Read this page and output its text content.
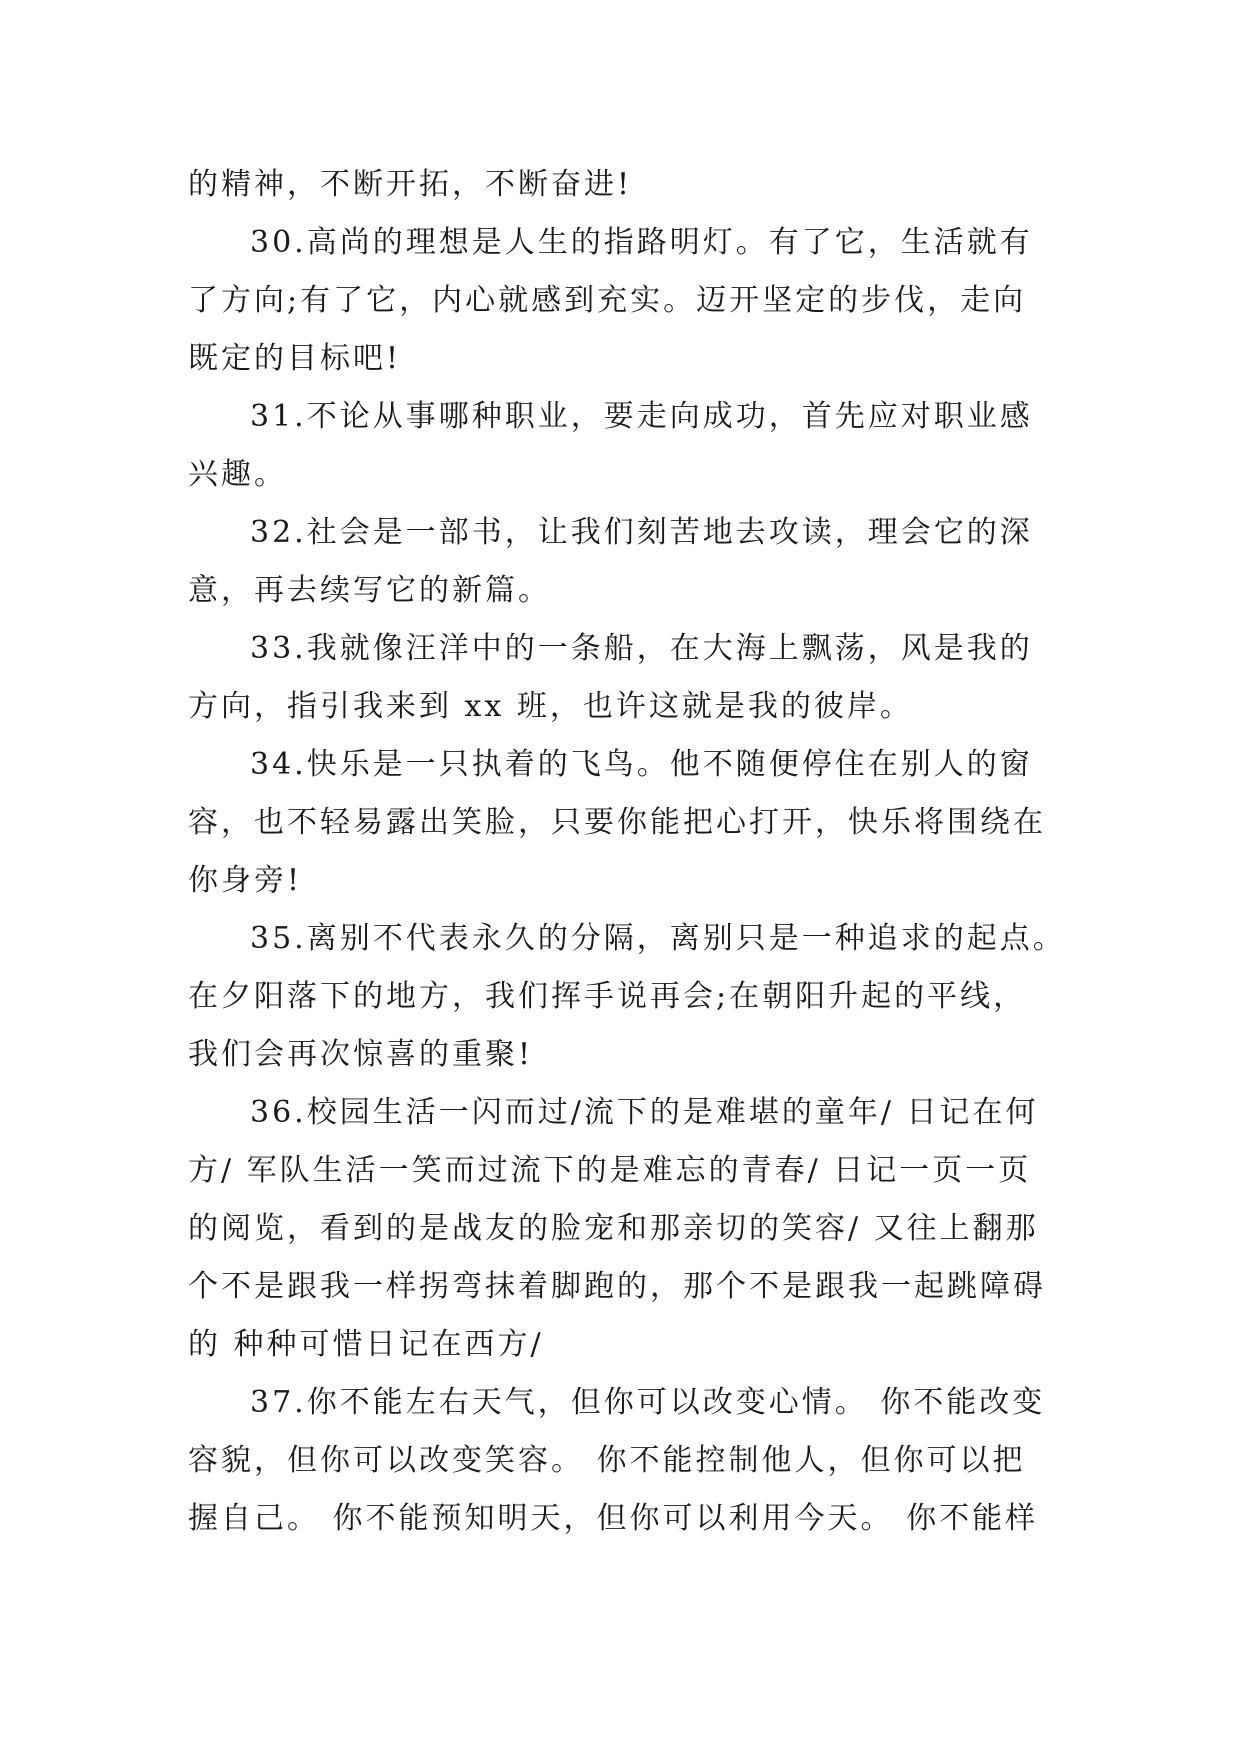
的精神，不断开拓，不断奋进!
30.高尚的理想是人生的指路明灯。有了它，生活就有
了方向;有了它，内心就感到充实。迈开坚定的步伐，走向
既定的目标吧!
31.不论从事哪种职业，要走向成功，首先应对职业感
兴趣。
32.社会是一部书，让我们刻苦地去攻读，理会它的深
意，再去续写它的新篇。
33.我就像汪洋中的一条船，在大海上飘荡，风是我的
方向，指引我来到 xx 班，也许这就是我的彼岸。
34.快乐是一只执着的飞鸟。他不随便停住在别人的窗
容，也不轻易露出笑脸，只要你能把心打开，快乐将围绕在
你身旁!
35.离别不代表永久的分隔，离别只是一种追求的起点。
在夕阳落下的地方，我们挥手说再会;在朝阳升起的平线，
我们会再次惊喜的重聚!
36.校园生活一闪而过/流下的是难堪的童年/ 日记在何
方/ 军队生活一笑而过流下的是难忘的青春/ 日记一页一页
的阅览，看到的是战友的脸宠和那亲切的笑容/ 又往上翻那
个不是跟我一样拐弯抹着脚跑的，那个不是跟我一起跳障碍
的 种种可惜日记在西方/
37.你不能左右天气，但你可以改变心情。 你不能改变
容貌，但你可以改变笑容。 你不能控制他人，但你可以把
握自己。 你不能预知明天，但你可以利用今天。 你不能样
